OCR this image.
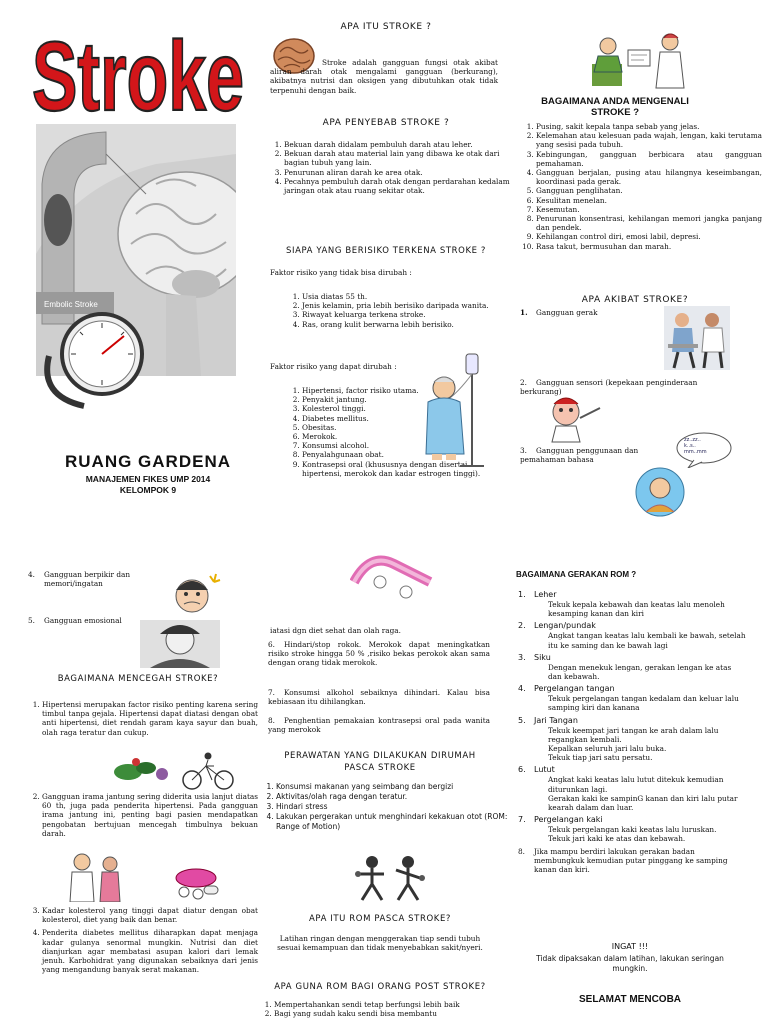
Stroke
Embolic Stroke
RUANG GARDENA
MANAJEMEN FIKES UMP 2014
KELOMPOK 9
APA ITU STROKE ?
Stroke adalah gangguan fungsi otak akibat aliran darah otak mengalami gangguan (berkurang), akibatnya nutrisi dan oksigen yang dibutuhkan otak tidak terpenuhi dengan baik.
APA PENYEBAB STROKE ?
1. Bekuan darah didalam pembuluh darah atau leher.
2. Bekuan darah atau material lain yang dibawa ke otak dari bagian tubuh yang lain.
3. Penurunan aliran darah ke area otak.
4. Pecahnya pembuluh darah otak dengan perdarahan kedalam jaringan otak atau ruang sekitar otak.
SIAPA YANG BERISIKO TERKENA STROKE ?
Faktor risiko yang tidak bisa dirubah :
1. Usia diatas 55 th.
2. Jenis kelamin, pria lebih berisiko daripada wanita.
3. Riwayat keluarga terkena stroke.
4. Ras, orang kulit berwarna lebih berisiko.
Faktor risiko yang dapat dirubah :
1. Hipertensi, factor risiko utama.
2. Penyakit jantung.
3. Kolesterol tinggi.
4. Diabetes mellitus.
5. Obesitas.
6. Merokok.
7. Konsumsi alcohol.
8. Penyalahgunaan obat.
9. Kontrasepsi oral (khususnya dengan disertai hipertensi, merokok dan kadar estrogen tinggi).
BAGAIMANA ANDA MENGENALI STROKE ?
1. Pusing, sakit kepala tanpa sebab yang jelas.
2. Kelemahan atau kelesuan pada wajah, lengan, kaki terutama yang sesisi pada tubuh.
3. Kebingungan, gangguan berbicara atau gangguan pemahaman.
4. Gangguan berjalan, pusing atau hilangnya keseimbangan, koordinasi pada gerak.
5. Gangguan penglihatan.
6. Kesulitan menelan.
7. Kesemutan.
8. Penurunan konsentrasi, kehilangan memori jangka panjang dan pendek.
9. Kehilangan control diri, emosi labil, depresi.
10. Rasa takut, bermusuhan dan marah.
APA AKIBAT STROKE?
1. Gangguan gerak
2. Gangguan sensori (kepekaan penginderaan berkurang)
3. Gangguan penggunaan dan pemahaman bahasa
zz..zz..
k..s..
mm..mm
4. Gangguan berpikir dan memori/ingatan
5. Gangguan emosional
BAGAIMANA MENCEGAH STROKE?
1. Hipertensi merupakan factor risiko penting karena sering timbul tanpa gejala. Hipertensi dapat diatasi dengan obat anti hipertensi, diet rendah garam kaya sayur dan buah, olah raga teratur dan cukup.
2. Gangguan irama jantung sering diderita usia lanjut diatas 60 th, juga pada penderita hipertensi. Pada gangguan irama jantung ini, penting bagi pasien mendapatkan pengobatan bertujuan mencegah timbulnya bekuan darah.
3. Kadar kolesterol yang tinggi dapat diatur dengan obat kolesterol, diet yang baik dan benar.
4. Penderita diabetes mellitus diharapkan dapat menjaga kadar gulanya senormal mungkin. Nutrisi dan diet dianjurkan agar membatasi asupan kalori dari lemak jenuh. Karbohidrat yang digunakan sebaiknya dari jenis yang mengandung banyak serat makanan.
iatasi dgn diet sehat dan olah raga.
6. Hindari/stop rokok. Merokok dapat meningkatkan risiko stroke hingga 50 % ,risiko bekas perokok akan sama dengan orang tidak merokok.
7. Konsumsi alkohol sebaiknya dihindari. Kalau bisa kebiasaan itu dihilangkan.
8. Penghentian pemakaian kontrasepsi oral pada wanita yang merokok
PERAWATAN YANG DILAKUKAN DIRUMAH PASCA STROKE
1. Konsumsi makanan yang seimbang dan bergizi
2. Aktivitas/olah raga dengan teratur.
3. Hindari stress
4. Lakukan pergerakan untuk menghindari kekakuan otot (ROM: Range of Motion)
APA ITU ROM PASCA STROKE?
Latihan ringan dengan menggerakan tiap sendi tubuh sesuai kemampuan dan tidak menyebabkan sakit/nyeri.
APA GUNA ROM BAGI ORANG POST STROKE?
1. Mempertahankan sendi tetap berfungsi lebih baik
2. Bagi yang sudah kaku sendi bisa membantu
BAGAIMANA GERAKAN ROM ?
1. Leher
Tekuk kepala kebawah dan keatas lalu menoleh kesamping kanan dan kiri
2. Lengan/pundak
Angkat tangan keatas lalu kembali ke bawah, setelah itu ke saming dan ke bawah lagi
3. Siku
Dengan menekuk lengan, gerakan lengan ke atas dan kebawah.
4. Pergelangan tangan
Tekuk pergelangan tangan kedalam dan keluar lalu samping kiri dan kanana
5. Jari Tangan
Tekuk keempat jari tangan ke arah dalam lalu regangkan kembali.
Kepalkan seluruh jari lalu buka.
Tekuk tiap jari satu persatu.
6. Lutut
Angkat kaki keatas lalu lutut ditekuk kemudian diturunkan lagi.
Gerakan kaki ke sampinG kanan dan kiri lalu putar kearah dalam dan luar.
7. Pergelangan kaki
Tekuk pergelangan kaki keatas lalu luruskan.
Tekuk jari kaki ke atas dan kebawah.
8. Jika mampu berdiri lakukan gerakan badan membungkuk kemudian putar pinggang ke samping kanan dan kiri.
INGAT !!!
Tidak dipaksakan dalam latihan, lakukan seringan mungkin.
SELAMAT MENCOBA
